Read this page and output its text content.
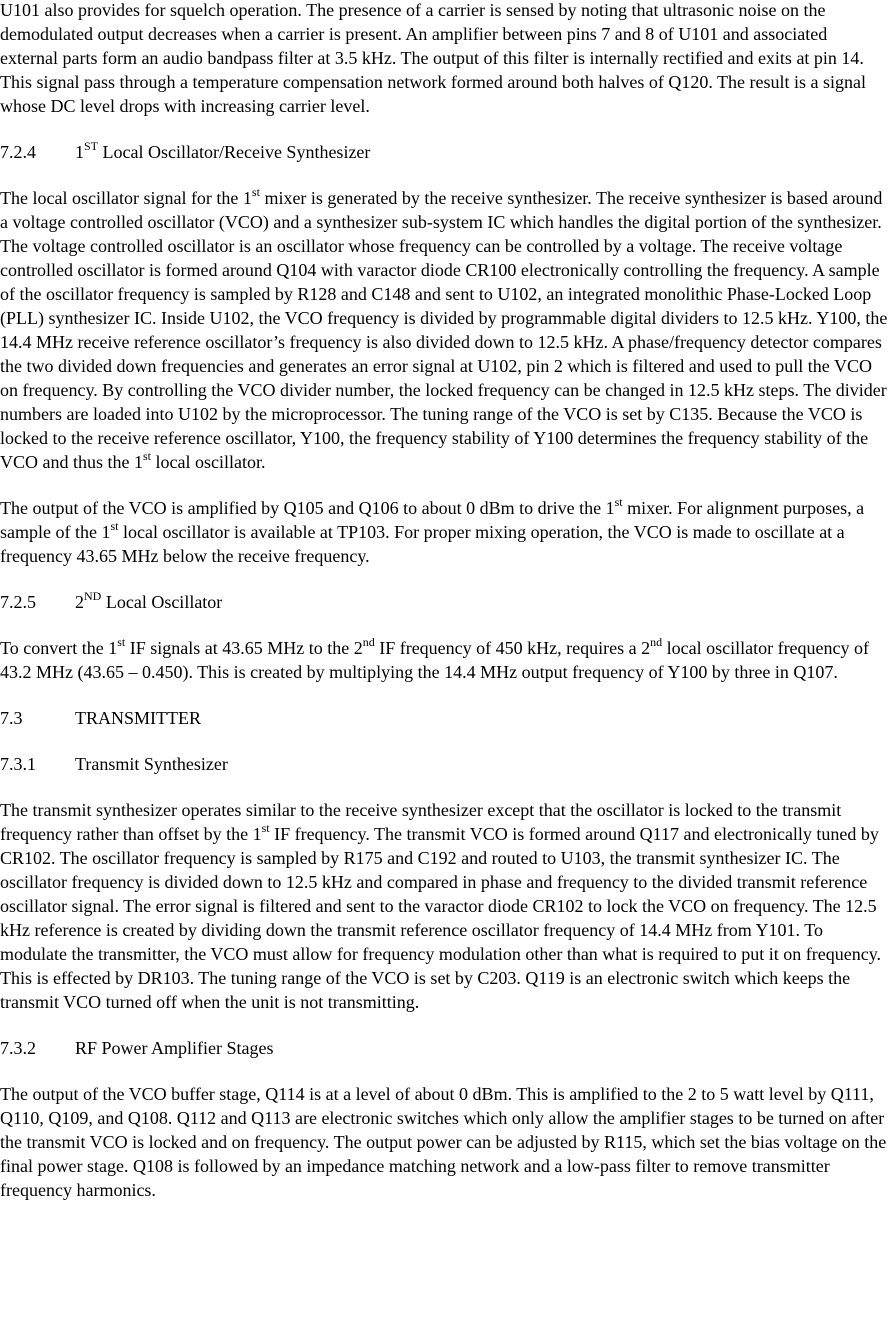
U101 also provides for squelch operation. The presence of a carrier is sensed by noting that ultrasonic noise on the demodulated output decreases when a carrier is present. An amplifier between pins 7 and 8 of U101 and associated external parts form an audio bandpass filter at 3.5 kHz. The output of this filter is internally rectified and exits at pin 14. This signal pass through a temperature compensation network formed around both halves of Q120. The result is a signal whose DC level drops with increasing carrier level.

7.2.4	1ST Local Oscillator/Receive Synthesizer

The local oscillator signal for the 1st mixer is generated by the receive synthesizer. The receive synthesizer is based around a voltage controlled oscillator (VCO) and a synthesizer sub-system IC which handles the digital portion of the synthesizer. The voltage controlled oscillator is an oscillator whose frequency can be controlled by a voltage. The receive voltage controlled oscillator is formed around Q104 with varactor diode CR100 electronically controlling the frequency. A sample of the oscillator frequency is sampled by R128 and C148 and sent to U102, an integrated monolithic Phase-Locked Loop (PLL) synthesizer IC. Inside U102, the VCO frequency is divided by programmable digital dividers to 12.5 kHz. Y100, the 14.4 MHz receive reference oscillator’s frequency is also divided down to 12.5 kHz. A phase/frequency detector compares the two divided down frequencies and generates an error signal at U102, pin 2 which is filtered and used to pull the VCO on frequency. By controlling the VCO divider number, the locked frequency can be changed in 12.5 kHz steps. The divider numbers are loaded into U102 by the microprocessor. The tuning range of the VCO is set by C135. Because the VCO is locked to the receive reference oscillator, Y100, the frequency stability of Y100 determines the frequency stability of the VCO and thus the 1st local oscillator.

The output of the VCO is amplified by Q105 and Q106 to about 0 dBm to drive the 1st mixer. For alignment purposes, a sample of the 1st local oscillator is available at TP103. For proper mixing operation, the VCO is made to oscillate at a frequency 43.65 MHz below the receive frequency.

7.2.5	2ND Local Oscillator

To convert the 1st IF signals at 43.65 MHz to the 2nd IF frequency of 450 kHz, requires a 2nd local oscillator frequency of 43.2 MHz (43.65 – 0.450). This is created by multiplying the 14.4 MHz output frequency of Y100 by three in Q107.

7.3	TRANSMITTER
7.3.1	Transmit Synthesizer

The transmit synthesizer operates similar to the receive synthesizer except that the oscillator is locked to the transmit frequency rather than offset by the 1st IF frequency. The transmit VCO is formed around Q117 and electronically tuned by CR102. The oscillator frequency is sampled by R175 and C192 and routed to U103, the transmit synthesizer IC. The oscillator frequency is divided down to 12.5 kHz and compared in phase and frequency to the divided transmit reference oscillator signal. The error signal is filtered and sent to the varactor diode CR102 to lock the VCO on frequency. The 12.5 kHz reference is created by dividing down the transmit reference oscillator frequency of 14.4 MHz from Y101. To modulate the transmitter, the VCO must allow for frequency modulation other than what is required to put it on frequency. This is effected by DR103. The tuning range of the VCO is set by C203. Q119 is an electronic switch which keeps the transmit VCO turned off when the unit is not transmitting.

7.3.2	RF Power Amplifier Stages

The output of the VCO buffer stage, Q114 is at a level of about 0 dBm. This is amplified to the 2 to 5 watt level by Q111, Q110, Q109, and Q108. Q112 and Q113 are electronic switches which only allow the amplifier stages to be turned on after the transmit VCO is locked and on frequency. The output power can be adjusted by R115, which set the bias voltage on the final power stage. Q108 is followed by an impedance matching network and a low-pass filter to remove transmitter frequency harmonics.
